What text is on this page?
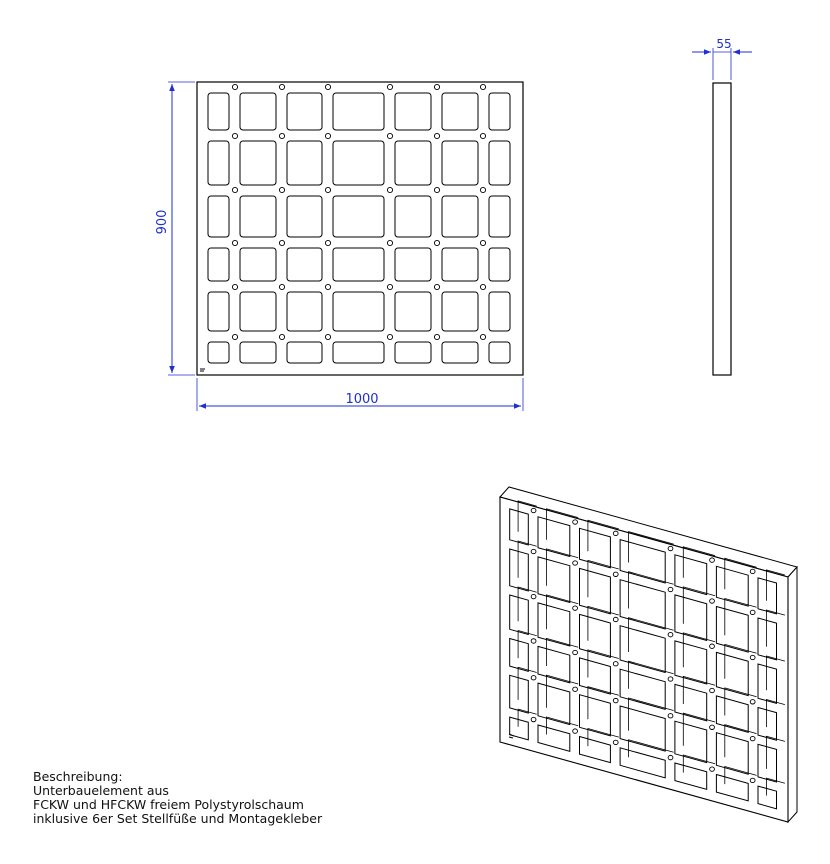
900
1000
55
Beschreibung:
Unterbauelement aus
FCKW und HFCKW freiem Polystyrolschaum
inklusive 6er Set Stellfüße und Montagekleber
